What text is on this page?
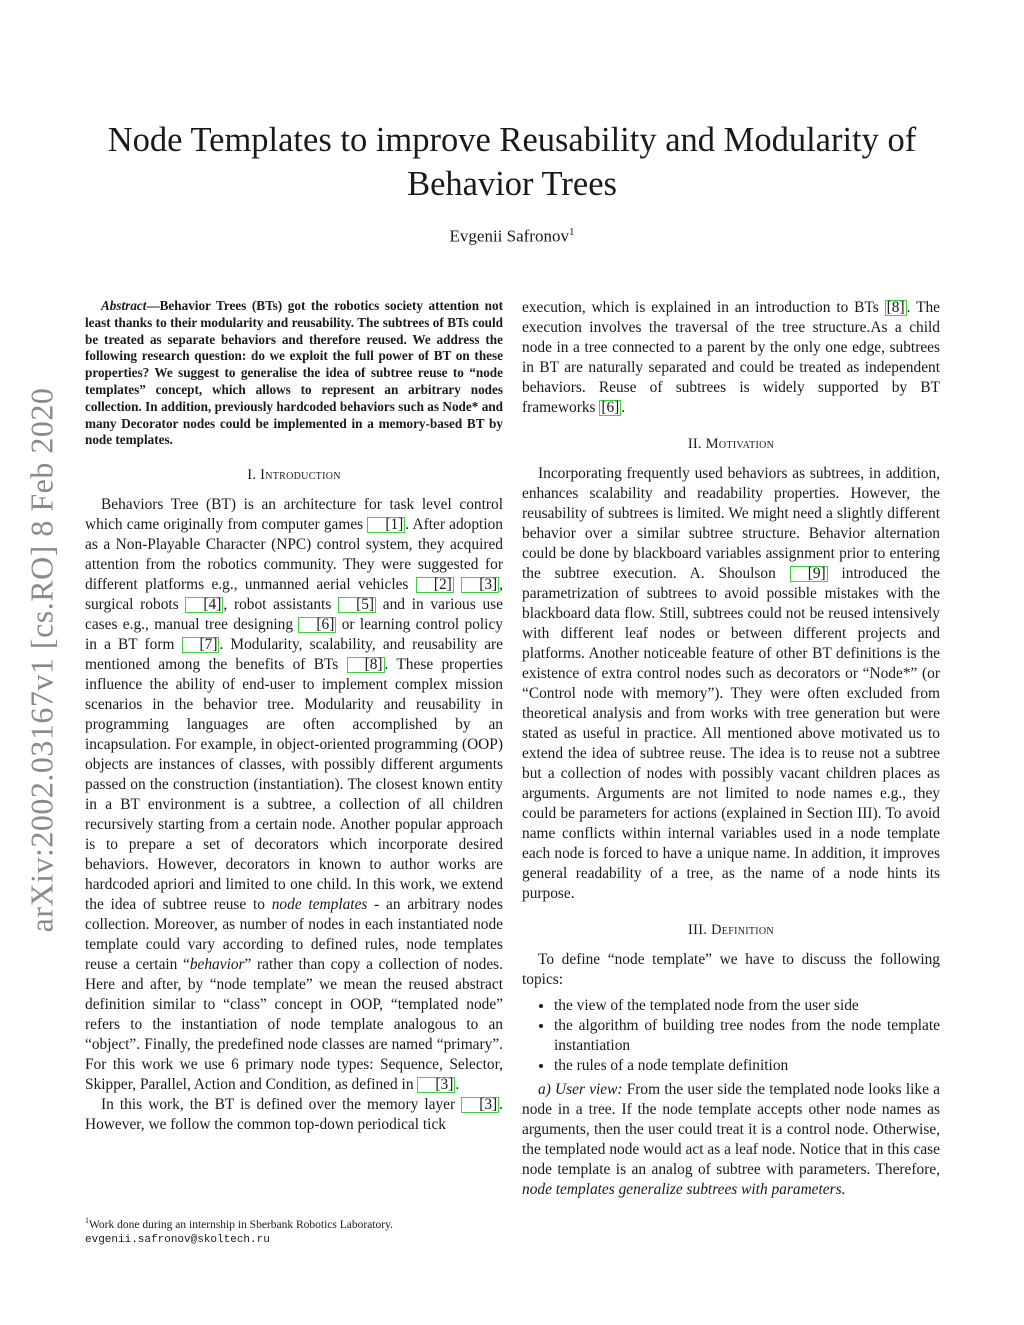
arXiv:2002.03167v1 [cs.RO] 8 Feb 2020
Node Templates to improve Reusability and Modularity of
Behavior Trees
Evgenii Safronov$^1$

Abstract—Behavior Trees (BTs) got the robotics society attention not least thanks to their modularity and reusability. The subtrees of BTs could be treated as separate behaviors and therefore reused. We address the following research question: do we exploit the full power of BT on these properties? We suggest to generalise the idea of subtree reuse to “node templates” concept, which allows to represent an arbitrary nodes collection. In addition, previously hardcoded behaviors such as Node* and many Decorator nodes could be implemented in a memory-based BT by node templates.

I. Introduction

Behaviors Tree (BT) is an architecture for task level control which came originally from computer games [1] . After adoption as a Non-Playable Character (NPC) control system, they acquired attention from the robotics community. They were suggested for different platforms e.g., unmanned aerial vehicles [2] [3] , surgical robots [4] , robot assistants [5] and in various use cases e.g., manual tree designing [6] or learning control policy in a BT form [7] . Modularity, scalability, and reusability are mentioned among the benefits of BTs [8] . These properties influence the ability of end-user to implement complex mission scenarios in the behavior tree. Modularity and reusability in programming languages are often accomplished by an incapsulation. For example, in object-oriented programming (OOP) objects are instances of classes, with possibly different arguments passed on the construction (instantiation). The closest known entity in a BT environment is a subtree, a collection of all children recursively starting from a certain node. Another popular approach is to prepare a set of decorators which incorporate desired behaviors. However, decorators in known to author works are hardcoded apriori and limited to one child. In this work, we extend the idea of subtree reuse to node templates - an arbitrary nodes collection. Moreover, as number of nodes in each instantiated node template could vary according to defined rules, node templates reuse a certain “behavior” rather than copy a collection of nodes. Here and after, by “node template” we mean the reused abstract definition similar to “class” concept in OOP, “templated node” refers to the instantiation of node template analogous to an “object”. Finally, the predefined node classes are named “primary”. For this work we use 6 primary node types: Sequence, Selector, Skipper, Parallel, Action and Condition, as defined in [3] .

In this work, the BT is defined over the memory layer [3] . However, we follow the common top-down periodical tick

$^1$Work done during an internship in Sberbank Robotics Laboratory.
evgenii.safronov@skoltech.ru

execution, which is explained in an introduction to BTs [8] . The execution involves the traversal of the tree structure.As a child node in a tree connected to a parent by the only one edge, subtrees in BT are naturally separated and could be treated as independent behaviors. Reuse of subtrees is widely supported by BT frameworks [6] .

II. Motivation

Incorporating frequently used behaviors as subtrees, in addition, enhances scalability and readability properties. However, the reusability of subtrees is limited. We might need a slightly different behavior over a similar subtree structure. Behavior alternation could be done by blackboard variables assignment prior to entering the subtree execution. A. Shoulson [9] introduced the parametrization of subtrees to avoid possible mistakes with the blackboard data flow. Still, subtrees could not be reused intensively with different leaf nodes or between different projects and platforms. Another noticeable feature of other BT definitions is the existence of extra control nodes such as decorators or “Node*” (or “Control node with memory”). They were often excluded from theoretical analysis and from works with tree generation but were stated as useful in practice. All mentioned above motivated us to extend the idea of subtree reuse. The idea is to reuse not a subtree but a collection of nodes with possibly vacant children places as arguments. Arguments are not limited to node names e.g., they could be parameters for actions (explained in Section III). To avoid name conflicts within internal variables used in a node template each node is forced to have a unique name. In addition, it improves general readability of a tree, as the name of a node hints its purpose.

III. Definition

To define “node template” we have to discuss the following topics:

• the view of the templated node from the user side
• the algorithm of building tree nodes from the node template instantiation
• the rules of a node template definition

a) User view: From the user side the templated node looks like a node in a tree. If the node template accepts other node names as arguments, then the user could treat it is a control node. Otherwise, the templated node would act as a leaf node. Notice that in this case node template is an analog of subtree with parameters. Therefore, node templates generalize subtrees with parameters.
